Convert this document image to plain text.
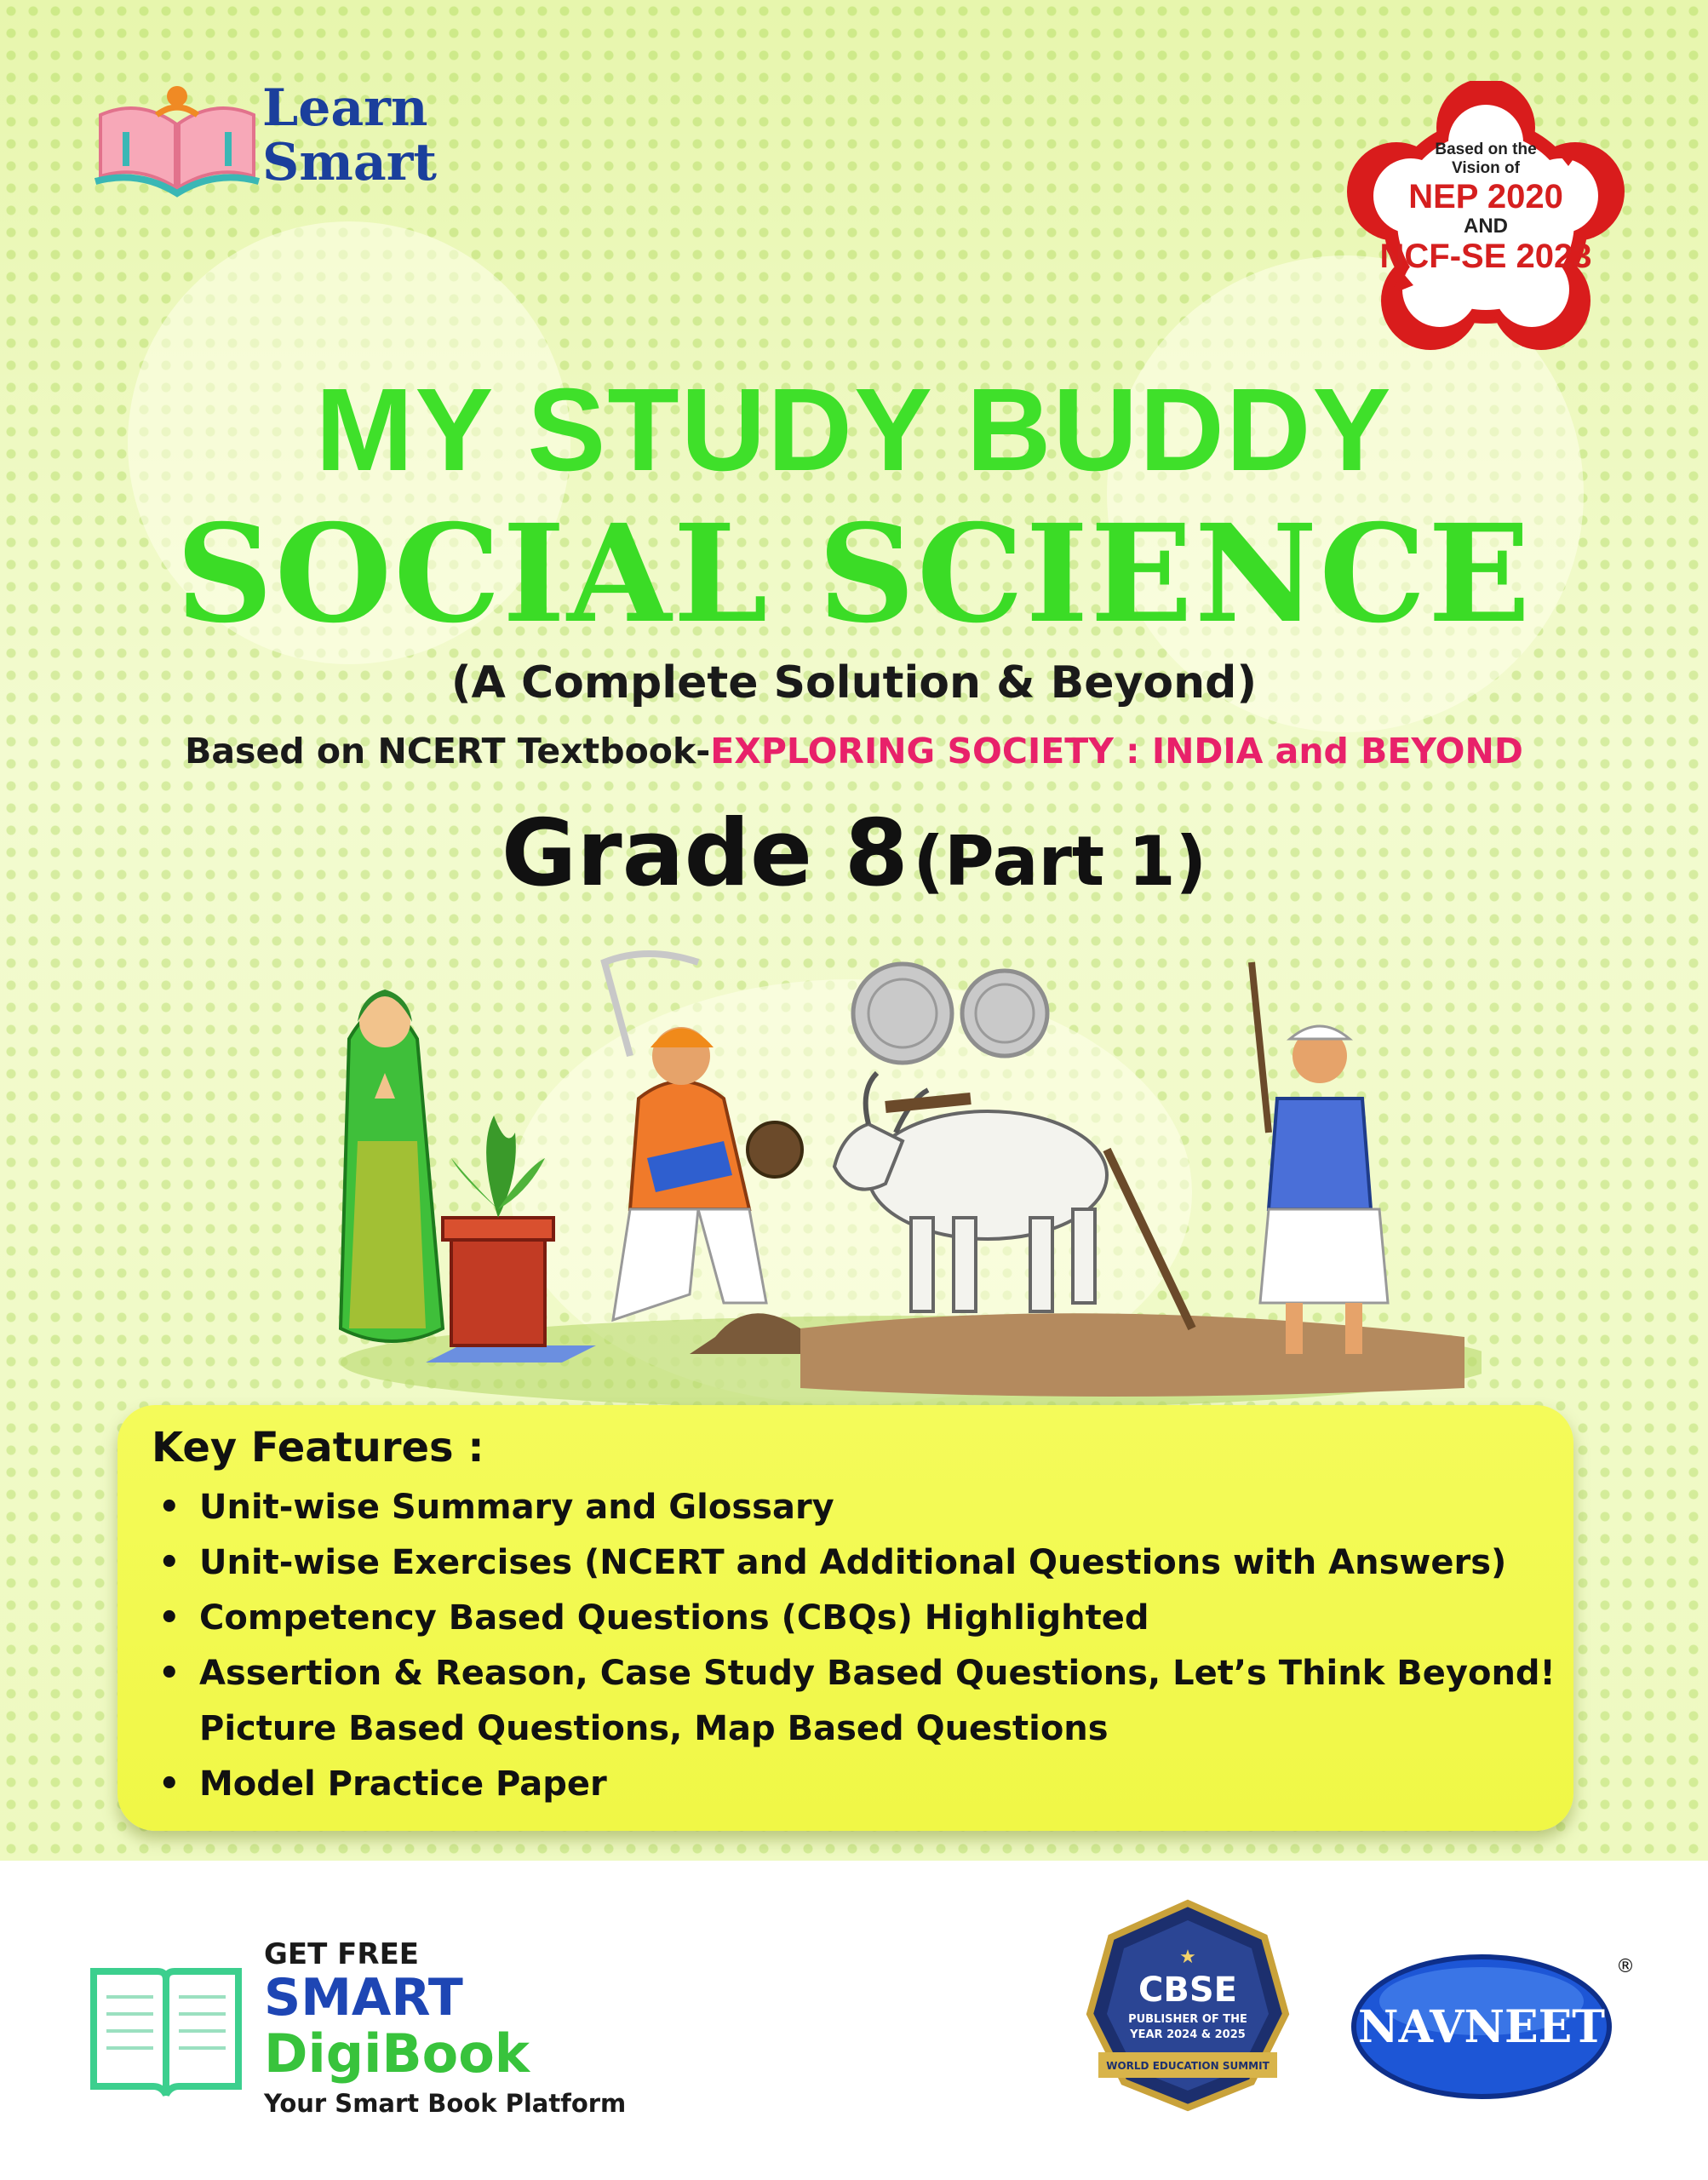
Learn
Smart	Based on the
Vision of
NEP 2020
AND
NCF-SE 2023
MY STUDY BUDDY
SOCIAL SCIENCE
(A Complete Solution & Beyond)
Based on NCERT Textbook-EXPLORING SOCIETY : INDIA and BEYOND
Grade 8 (Part 1)
Key Features :
• Unit-wise Summary and Glossary
• Unit-wise Exercises (NCERT and Additional Questions with Answers)
• Competency Based Questions (CBQs) Highlighted
• Assertion & Reason, Case Study Based Questions, Let’s Think Beyond!
Picture Based Questions, Map Based Questions
• Model Practice Paper
GET FREE
SMART
DigiBook
Your Smart Book Platform
★
CBSE
PUBLISHER OF THE
YEAR 2024 & 2025
WORLD EDUCATION SUMMIT
NAVNEET
®
